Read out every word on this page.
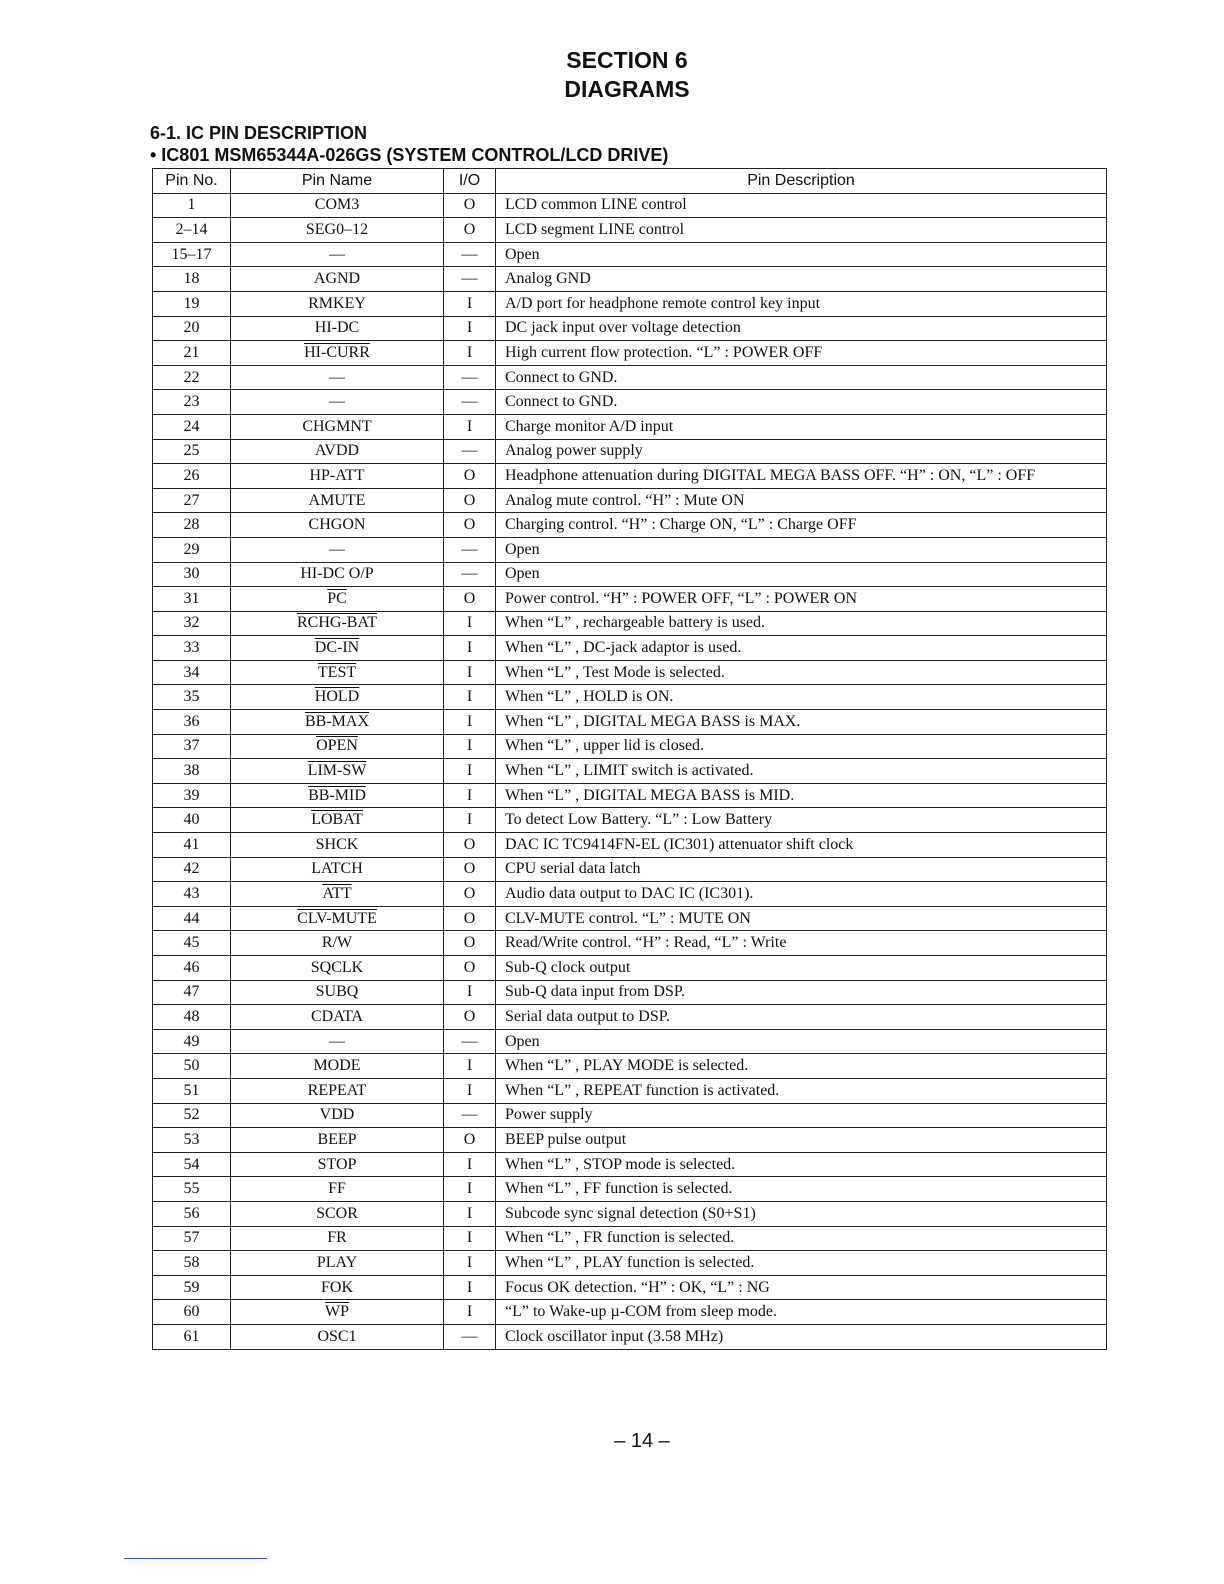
SECTION 6
DIAGRAMS
6-1. IC PIN DESCRIPTION
• IC801 MSM65344A-026GS (SYSTEM CONTROL/LCD DRIVE)
Pin No.	Pin Name	I/O	Pin Description
1	COM3	O	LCD common LINE control
2–14	SEG0–12	O	LCD segment LINE control
15–17	—	—	Open
18	AGND	—	Analog GND
19	RMKEY	I	A/D port for headphone remote control key input
20	HI-DC	I	DC jack input over voltage detection
21	HI-CURR	I	High current flow protection. “L” : POWER OFF
22	—	—	Connect to GND.
23	—	—	Connect to GND.
24	CHGMNT	I	Charge monitor A/D input
25	AVDD	—	Analog power supply
26	HP-ATT	O	Headphone attenuation during DIGITAL MEGA BASS OFF. “H” : ON, “L” : OFF
27	AMUTE	O	Analog mute control. “H” : Mute ON
28	CHGON	O	Charging control. “H” : Charge ON, “L” : Charge OFF
29	—	—	Open
30	HI-DC O/P	—	Open
31	$\overline{PC}$	O	Power control. “H” : POWER OFF, “L” : POWER ON
32	RCHG-BAT	I	When “L” , rechargeable battery is used.
33	DC-IN	I	When “L” , DC-jack adaptor is used.
34	TEST	I	When “L” , Test Mode is selected.
35	HOLD	I	When “L” , HOLD is ON.
36	BB-MAX	I	When “L” , DIGITAL MEGA BASS is MAX.
37	OPEN	I	When “L” , upper lid is closed.
38	LIM-SW	I	When “L” , LIMIT switch is activated.
39	BB-MID	I	When “L” , DIGITAL MEGA BASS is MID.
40	LOBAT	I	To detect Low Battery. “L” : Low Battery
41	SHCK	O	DAC IC TC9414FN-EL (IC301) attenuator shift clock
42	LATCH	O	CPU serial data latch
43	$\overline{ATT}$	O	Audio data output to DAC IC (IC301).
44	CLV-MUTE	O	CLV-MUTE control. “L” : MUTE ON
45	R/W	O	Read/Write control. “H” : Read, “L” : Write
46	SQCLK	O	Sub-Q clock output
47	SUBQ	I	Sub-Q data input from DSP.
48	CDATA	O	Serial data output to DSP.
49	—	—	Open
50	MODE	I	When “L” , PLAY MODE is selected.
51	REPEAT	I	When “L” , REPEAT function is activated.
52	VDD	—	Power supply
53	BEEP	O	BEEP pulse output
54	STOP	I	When “L” , STOP mode is selected.
55	FF	I	When “L” , FF function is selected.
56	SCOR	I	Subcode sync signal detection (S0+S1)
57	FR	I	When “L” , FR function is selected.
58	PLAY	I	When “L” , PLAY function is selected.
59	FOK	I	Focus OK detection. “H” : OK, “L” : NG
60	$\overline{WP}$	I	“L” to Wake-up µ-COM from sleep mode.
61	OSC1	—	Clock oscillator input (3.58 MHz)
– 14 –
